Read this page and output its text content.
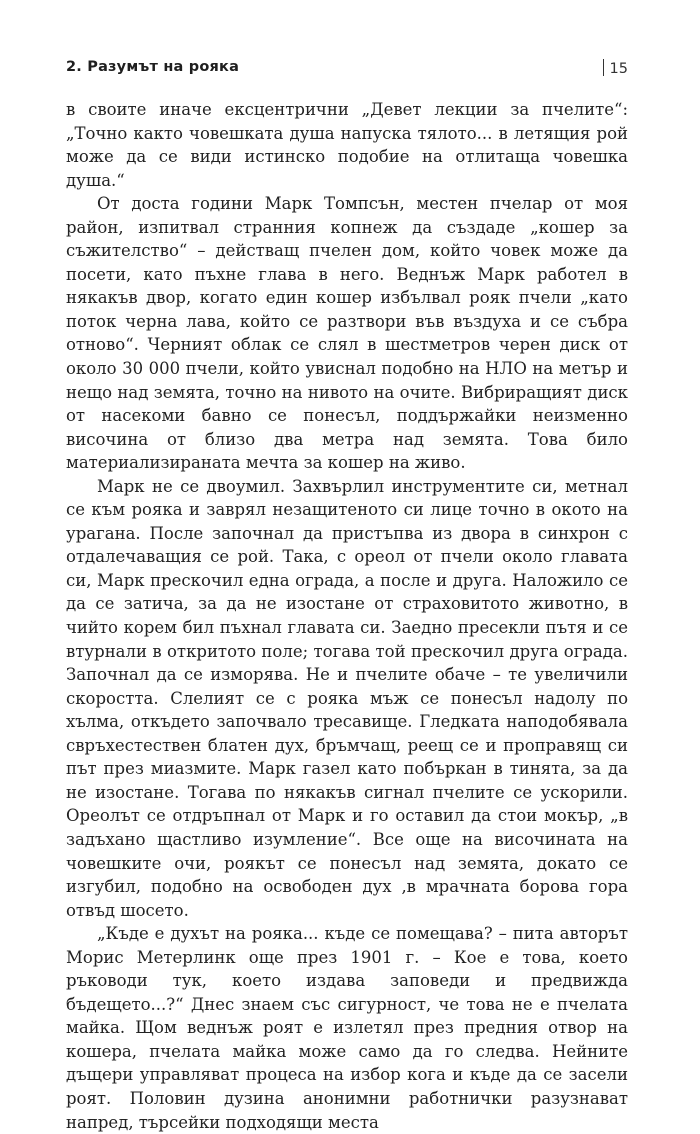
2. Разумът на рояка	15

в своите иначе ексцентрични „Девет лекции за пчелите“: „Точно както човешката душа напуска тялото... в летящия рой може да се види истинско подобие на отлитаща човешка душа.“

От доста години Марк Томпсън, местен пчелар от моя район, изпитвал странния копнеж да създаде „кошер за съжителство“ – действащ пчелен дом, който човек може да посети, като пъхне глава в него. Веднъж Марк работел в някакъв двор, когато един кошер избълвал рояк пчели „като поток черна лава, който се разтвори във въздуха и се събра отново“. Черният облак се слял в шестметров черен диск от около 30 000 пчели, който увиснал подобно на НЛО на метър и нещо над земята, точно на нивото на очите. Вибриращият диск от насекоми бавно се понесъл, поддържайки неизменно височина от близо два метра над земята. Това било материализираната мечта за кошер на живо.

Марк не се двоумил. Захвърлил инструментите си, метнал се към рояка и заврял незащитеното си лице точно в окото на урагана. После започнал да пристъпва из двора в синхрон с отдалечаващия се рой. Така, с ореол от пчели около главата си, Марк прескочил една ограда, а после и друга. Наложило се да се затича, за да не изостане от страховитото животно, в чийто корем бил пъхнал главата си. Заедно пресекли пътя и се втурнали в откритото поле; тогава той прескочил друга ограда. Започнал да се изморява. Не и пчелите обаче – те увеличили скоростта. Слелият се с рояка мъж се понесъл надолу по хълма, откъдето започвало тресавище. Гледката наподобявала свръхестествен блатен дух, бръмчащ, реещ се и проправящ си път през миазмите. Марк газел като побъркан в тинята, за да не изостане. Тогава по някакъв сигнал пчелите се ускорили. Ореолът се отдръпнал от Марк и го оставил да стои мокър, „в задъхано щастливо изумление“. Все още на височината на човешките очи, роякът се понесъл над земята, докато се изгубил, подобно на освободен дух ,в мрачната борова гора отвъд шосето.

„Къде е духът на рояка... къде се помещава? – пита авторът Морис Метерлинк още през 1901 г. – Кое е това, което ръководи тук, което издава заповеди и предвижда бъдещето...?“ Днес знаем със сигурност, че това не е пчелата майка. Щом веднъж роят е излетял през предния отвор на кошера, пчелата майка може само да го следва. Нейните дъщери управляват процеса на избор кога и къде да се засели роят. Половин дузина анонимни работнички разузнават напред, търсейки подходящи места
